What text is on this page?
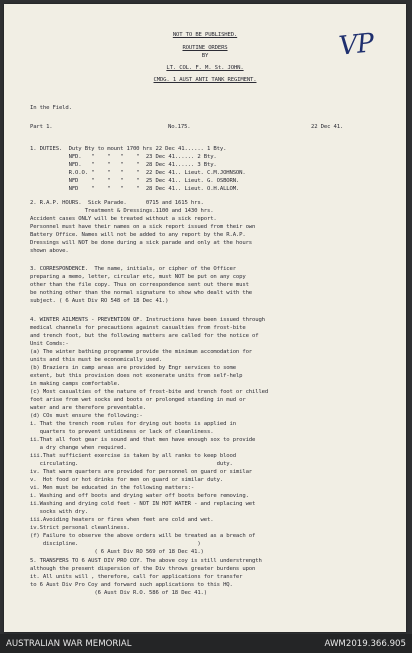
VP
NOT TO BE PUBLISHED.
ROUTINE ORDERS
BY
LT. COL. F. M. St. JOHN.
CMDG. 1 AUST ANTI TANK REGIMENT.
In the Field.
Part 1.	No.175.	22 Dec 41.
1. DUTIES.  Duty Bty to mount 1700 hrs 22 Dec 41...... 1 Bty.
NFD.   "    "   "    "  23 Dec 41...... 2 Bty.
NFD.   "    "   "    "  28 Dec 41...... 3 Bty.
R.O.O. "    "   "    "  22 Dec 41.. Lieut. C.M.JOHNSON.
NFD    "    "   "    "  25 Dec 41.. Lieut. G. OSBORN.
NFD    "    "   "    "  28 Dec 41.. Lieut. O.H.ALLOM.
2. R.A.P. HOURS.  Sick Parade.      0715 and 1615 hrs.
Treatment & Dressings.1100 and 1430 hrs.
Accident cases ONLY will be treated without a sick report.
Personnel must have their names on a sick report issued from their own
Battery Office. Names will not be added to any report by the R.A.P.
Dressings will NOT be done during a sick parade and only at the hours
shown above.
3. CORRESPONDENCE.  The name, initials, or cipher of the Officer
preparing a memo, letter, circular etc, must NOT be put on any copy
other than the file copy. Thus on correspondence sent out there must
be nothing other than the normal signature to show who dealt with the
subject. ( 6 Aust Div RO 548 of 18 Dec 41.)
4. WINTER AILMENTS - PREVENTION OF. Instructions have been issued through
medical channels for precautions against casualties from frost-bite
and trench foot, but the following matters are called for the notice of
Unit Comds:-
(a) The winter bathing programme provide the minimum accomodation for
units and this must be economically used.
(b) Braziers in camp areas are provided by Engr services to some
extent, but this provision does not exonerate units from self-help
in making camps comfortable.
(c) Most casualties of the nature of frost-bite and trench foot or chilled
foot arise from wet socks and boots or prolonged standing in mud or
water and are therefore preventable.
(d) COs must ensure the following:-
i. That the trench room rules for drying out boots is applied in
quarters to prevent untidiness or lack of cleanliness.
ii.That all foot gear is sound and that men have enough sox to provide
a dry change when required.
iii.That sufficient exercise is taken by all ranks to keep blood
circulating.                                           duty.
iv. That warm quarters are provided for personnel on guard or similar
v.  Hot food or hot drinks for men on guard or similar duty.
vi. Men must be educated in the following matters:-
i. Washing and off boots and drying water off boots before removing.
ii.Washing and drying cold feet - NOT IN HOT WATER - and replacing wet
socks with dry.
iii.Avoiding heaters or fires when feet are cold and wet.
iv.Strict personal cleanliness.
(f) Failure to observe the above orders will be treated as a breach of
discipline.                                     )
( 6 Aust Div RO 569 of 18 Dec 41.)
5. TRANSFERS TO 6 AUST DIV PRO COY. The above coy is still understrength
although the present dispersion of the Div throws greater burdens upon
it. All units will , therefore, call for applications for transfer
to 6 Aust Div Pro Coy and forward such applications to this HQ.
(6 Aust Div R.O. 586 of 18 Dec 41.)
AUSTRALIAN WAR MEMORIAL	AWM2019.366.905
